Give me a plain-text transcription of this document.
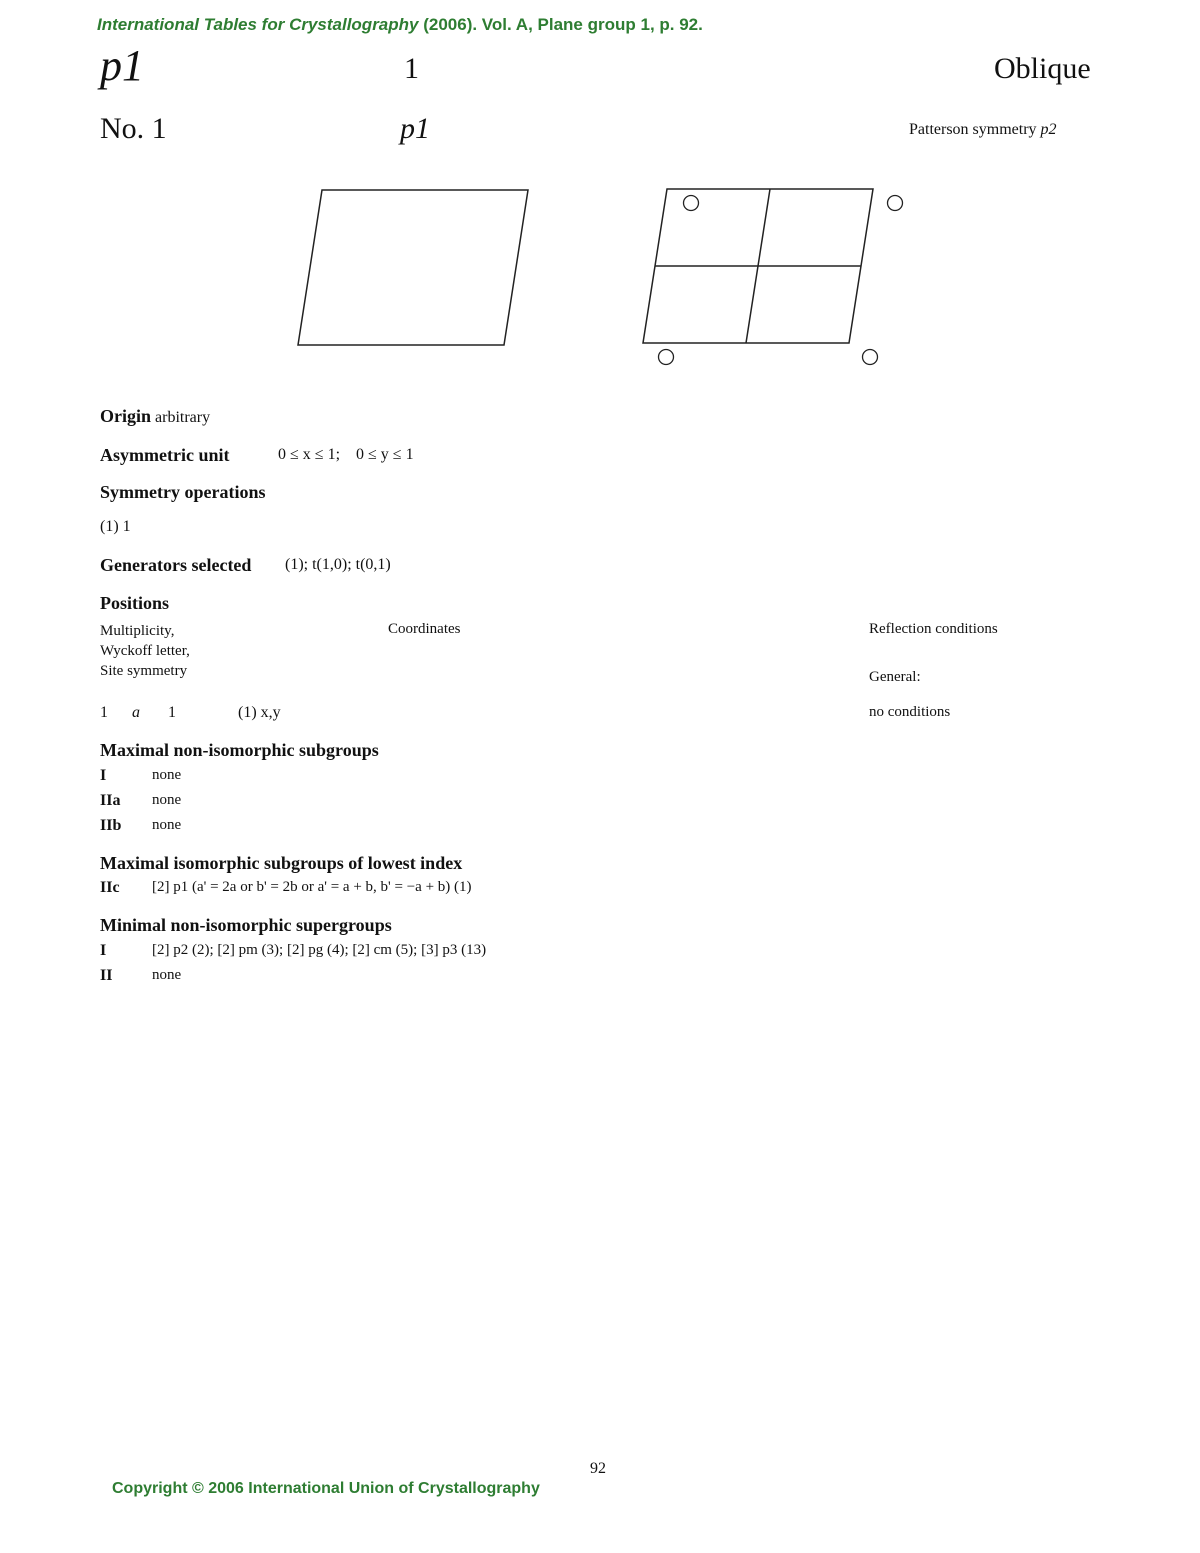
International Tables for Crystallography (2006). Vol. A, Plane group 1, p. 92.
p1	1	Oblique
No. 1	p1	Patterson symmetry p2
Origin arbitrary
Asymmetric unit	0 ≤ x ≤ 1;    0 ≤ y ≤ 1
Symmetry operations
(1) 1
Generators selected (1); t(1,0); t(0,1)
Positions
Multiplicity,
Wyckoff letter,
Site symmetry
Coordinates	Reflection conditions
General:
1 a 1	(1) x,y	no conditions
Maximal non-isomorphic subgroups
I	none
IIa none
IIb none
Maximal isomorphic subgroups of lowest index
IIc [2] p1 (a' = 2a or b' = 2b or a' = a + b, b' = −a + b) (1)
Minimal non-isomorphic supergroups
I	[2] p2 (2); [2] pm (3); [2] pg (4); [2] cm (5); [3] p3 (13)
II	none
92
Copyright © 2006 International Union of Crystallography
